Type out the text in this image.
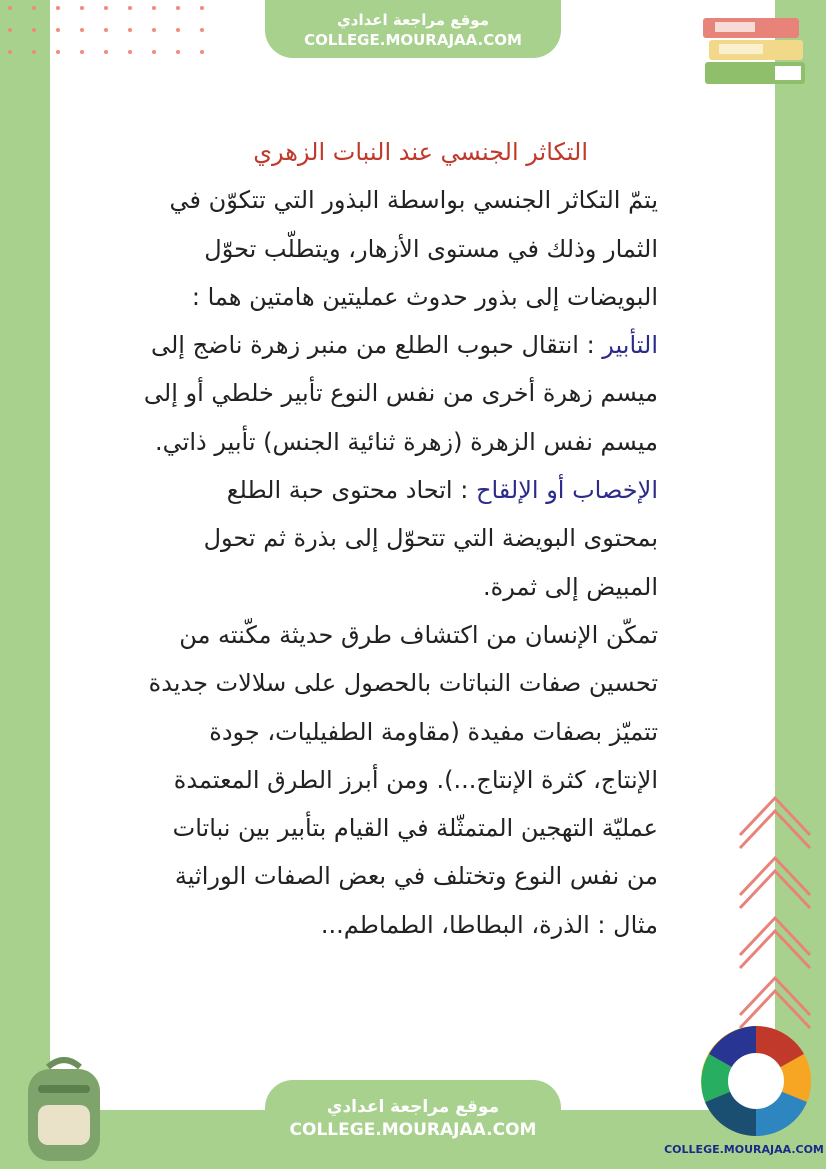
موقع مراجعة اعدادي
COLLEGE.MOURAJAA.COM
التكاثر الجنسي عند النبات الزهري
يتمّ التكاثر الجنسي بواسطة البذور التي تتكوّن في
الثمار وذلك في مستوى الأزهار، ويتطلّب تحوّل
البويضات إلى بذور حدوث عمليتين هامتين هما :
التأبير : انتقال حبوب الطلع من منبر زهرة ناضج إلى
ميسم زهرة أخرى من نفس النوع تأبير خلطي أو إلى
ميسم نفس الزهرة (زهرة ثنائية الجنس) تأبير ذاتي.
الإخصاب أو الإلقاح : اتحاد محتوى حبة الطلع
بمحتوى البويضة التي تتحوّل إلى بذرة ثم تحول
المبيض إلى ثمرة.
تمكّن الإنسان من اكتشاف طرق حديثة مكّنته من
تحسين صفات النباتات بالحصول على سلالات جديدة
تتميّز بصفات مفيدة (مقاومة الطفيليات، جودة
الإنتاج، كثرة الإنتاج...). ومن أبرز الطرق المعتمدة
عمليّة التهجين المتمثّلة في القيام بتأبير بين نباتات
من نفس النوع وتختلف في بعض الصفات الوراثية
مثال : الذرة، البطاطا، الطماطم...
COLLEGE.MOURAJAA.COM
موقع مراجعة اعدادي
COLLEGE.MOURAJAA.COM
